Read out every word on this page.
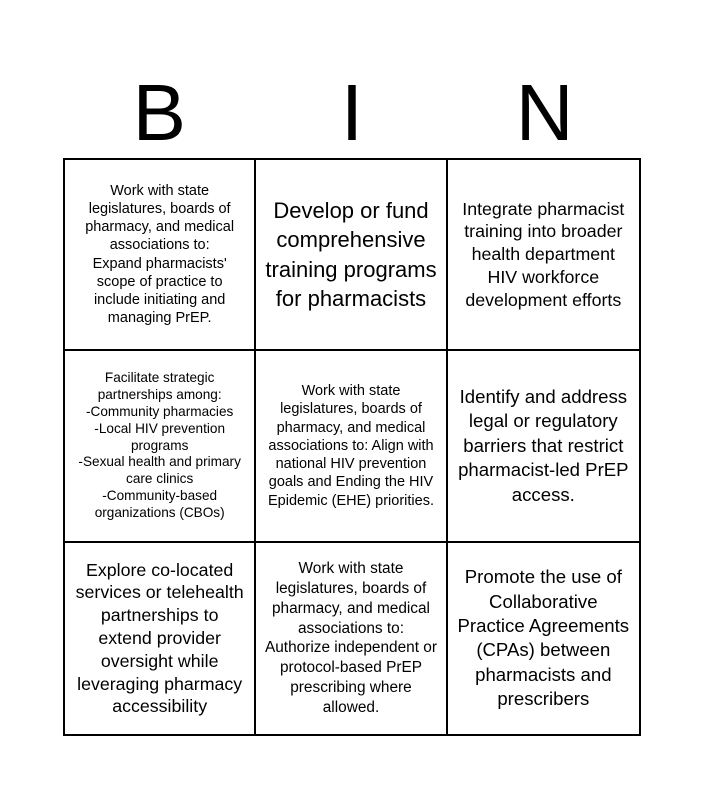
B	I	N
Work with state legislatures, boards of pharmacy, and medical associations to:
Expand pharmacists' scope of practice to include initiating and managing PrEP.
Develop or fund comprehensive training programs for pharmacists
Integrate pharmacist training into broader health department HIV workforce development efforts
Facilitate strategic partnerships among:
-Community pharmacies
-Local HIV prevention programs
-Sexual health and primary care clinics
-Community-based organizations (CBOs)
Work with state legislatures, boards of pharmacy, and medical associations to: Align with national HIV prevention goals and Ending the HIV Epidemic (EHE) priorities.
Identify and address legal or regulatory barriers that restrict pharmacist-led PrEP access.
Explore co-located services or telehealth partnerships to extend provider oversight while leveraging pharmacy accessibility
Work with state legislatures, boards of pharmacy, and medical associations to: Authorize independent or protocol-based PrEP prescribing where allowed.
Promote the use of Collaborative Practice Agreements (CPAs) between pharmacists and prescribers
